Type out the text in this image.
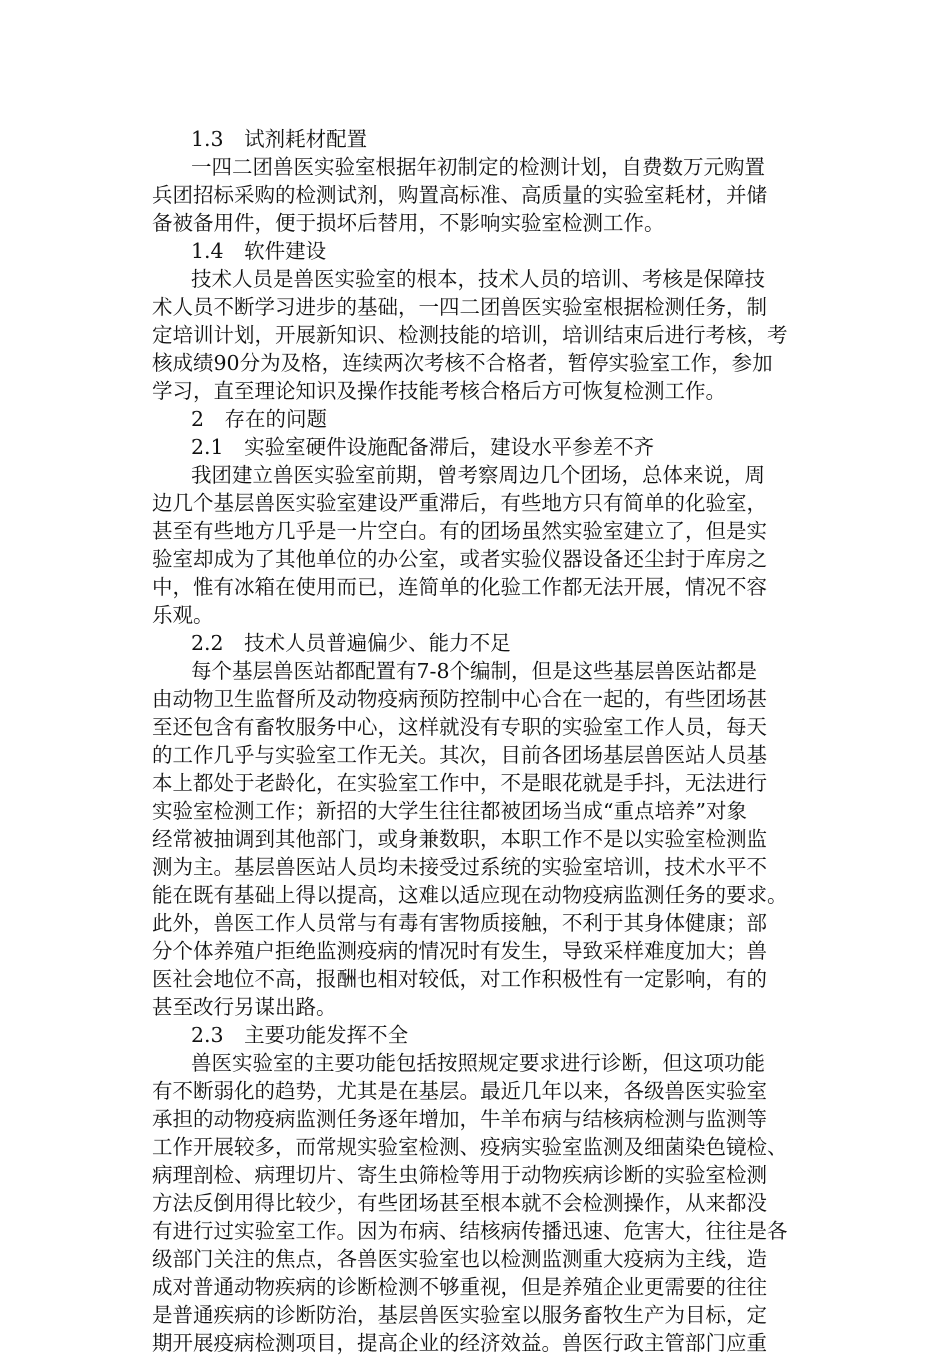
1.3　试剂耗材配置
一四二团兽医实验室根据年初制定的检测计划，自费数万元购置
兵团招标采购的检测试剂，购置高标准、高质量的实验室耗材，并储
备被备用件，便于损坏后替用，不影响实验室检测工作。
1.4　软件建设
技术人员是兽医实验室的根本，技术人员的培训、考核是保障技
术人员不断学习进步的基础，一四二团兽医实验室根据检测任务，制
定培训计划，开展新知识、检测技能的培训，培训结束后进行考核，考
核成绩90分为及格，连续两次考核不合格者，暂停实验室工作，参加
学习，直至理论知识及操作技能考核合格后方可恢复检测工作。
2　存在的问题
2.1　实验室硬件设施配备滞后，建设水平参差不齐
我团建立兽医实验室前期，曾考察周边几个团场，总体来说，周
边几个基层兽医实验室建设严重滞后，有些地方只有简单的化验室，
甚至有些地方几乎是一片空白。有的团场虽然实验室建立了，但是实
验室却成为了其他单位的办公室，或者实验仪器设备还尘封于库房之
中，惟有冰箱在使用而已，连简单的化验工作都无法开展，情况不容
乐观。
2.2　技术人员普遍偏少、能力不足
每个基层兽医站都配置有7-8个编制，但是这些基层兽医站都是
由动物卫生监督所及动物疫病预防控制中心合在一起的，有些团场甚
至还包含有畜牧服务中心，这样就没有专职的实验室工作人员，每天
的工作几乎与实验室工作无关。其次，目前各团场基层兽医站人员基
本上都处于老龄化，在实验室工作中，不是眼花就是手抖，无法进行
实验室检测工作；新招的大学生往往都被团场当成“重点培养”对象
经常被抽调到其他部门，或身兼数职，本职工作不是以实验室检测监
测为主。基层兽医站人员均未接受过系统的实验室培训，技术水平不
能在既有基础上得以提高，这难以适应现在动物疫病监测任务的要求。
此外，兽医工作人员常与有毒有害物质接触，不利于其身体健康；部
分个体养殖户拒绝监测疫病的情况时有发生，导致采样难度加大；兽
医社会地位不高，报酬也相对较低，对工作积极性有一定影响，有的
甚至改行另谋出路。
2.3　主要功能发挥不全
兽医实验室的主要功能包括按照规定要求进行诊断，但这项功能
有不断弱化的趋势，尤其是在基层。最近几年以来，各级兽医实验室
承担的动物疫病监测任务逐年增加，牛羊布病与结核病检测与监测等
工作开展较多，而常规实验室检测、疫病实验室监测及细菌染色镜检、
病理剖检、病理切片、寄生虫筛检等用于动物疾病诊断的实验室检测
方法反倒用得比较少，有些团场甚至根本就不会检测操作，从来都没
有进行过实验室工作。因为布病、结核病传播迅速、危害大，往往是各
级部门关注的焦点，各兽医实验室也以检测监测重大疫病为主线，造
成对普通动物疾病的诊断检测不够重视，但是养殖企业更需要的往往
是普通疾病的诊断防治，基层兽医实验室以服务畜牧生产为目标，定
期开展疫病检测项目，提高企业的经济效益。兽医行政主管部门应重
